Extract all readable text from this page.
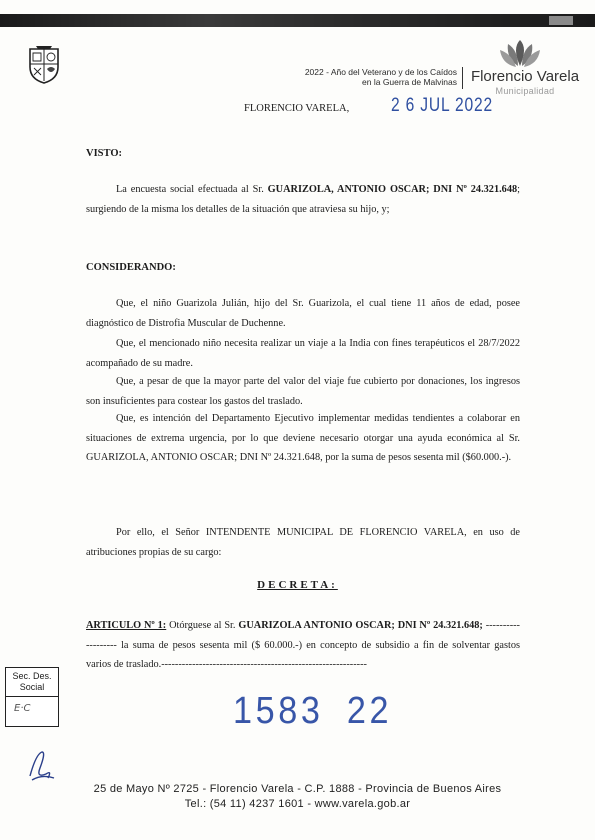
2022 - Año del Veterano y de los Caídos
en la Guerra de Malvinas Florencio Varela
Municipalidad
FLORENCIO VARELA, 2 6 JUL 2022
VISTO:

La encuesta social efectuada al Sr. GUARIZOLA, ANTONIO OSCAR; DNI Nº 24.321.648; surgiendo de la misma los detalles de la situación que atraviesa su hijo, y;

CONSIDERANDO:

Que, el niño Guarizola Julián, hijo del Sr. Guarizola, el cual tiene 11 años de edad, posee diagnóstico de Distrofia Muscular de Duchenne.

Que, el mencionado niño necesita realizar un viaje a la India con fines terapéuticos el 28/7/2022 acompañado de su madre.

Que, a pesar de que la mayor parte del valor del viaje fue cubierto por donaciones, los ingresos son insuficientes para costear los gastos del traslado.

Que, es intención del Departamento Ejecutivo implementar medidas tendientes a colaborar en situaciones de extrema urgencia, por lo que deviene necesario otorgar una ayuda económica al Sr. GUARIZOLA, ANTONIO OSCAR; DNI Nº 24.321.648, por la suma de pesos sesenta mil ($60.000.-).

Por ello, el Señor INTENDENTE MUNICIPAL DE FLORENCIO VARELA, en uso de atribuciones propias de su cargo:

DECRETA:

ARTICULO Nº 1: Otórguese al Sr. GUARIZOLA ANTONIO OSCAR; DNI Nº 24.321.648; ------------------- la suma de pesos sesenta mil ($ 60.000.-) en concepto de subsidio a fin de solventar gastos varios de traslado.------------------------------------------------------------

Sec. Des.
Social
E·C	1583 22
25 de Mayo Nº 2725 - Florencio Varela - C.P. 1888 - Provincia de Buenos Aires
Tel.: (54 11) 4237 1601 - www.varela.gob.ar
